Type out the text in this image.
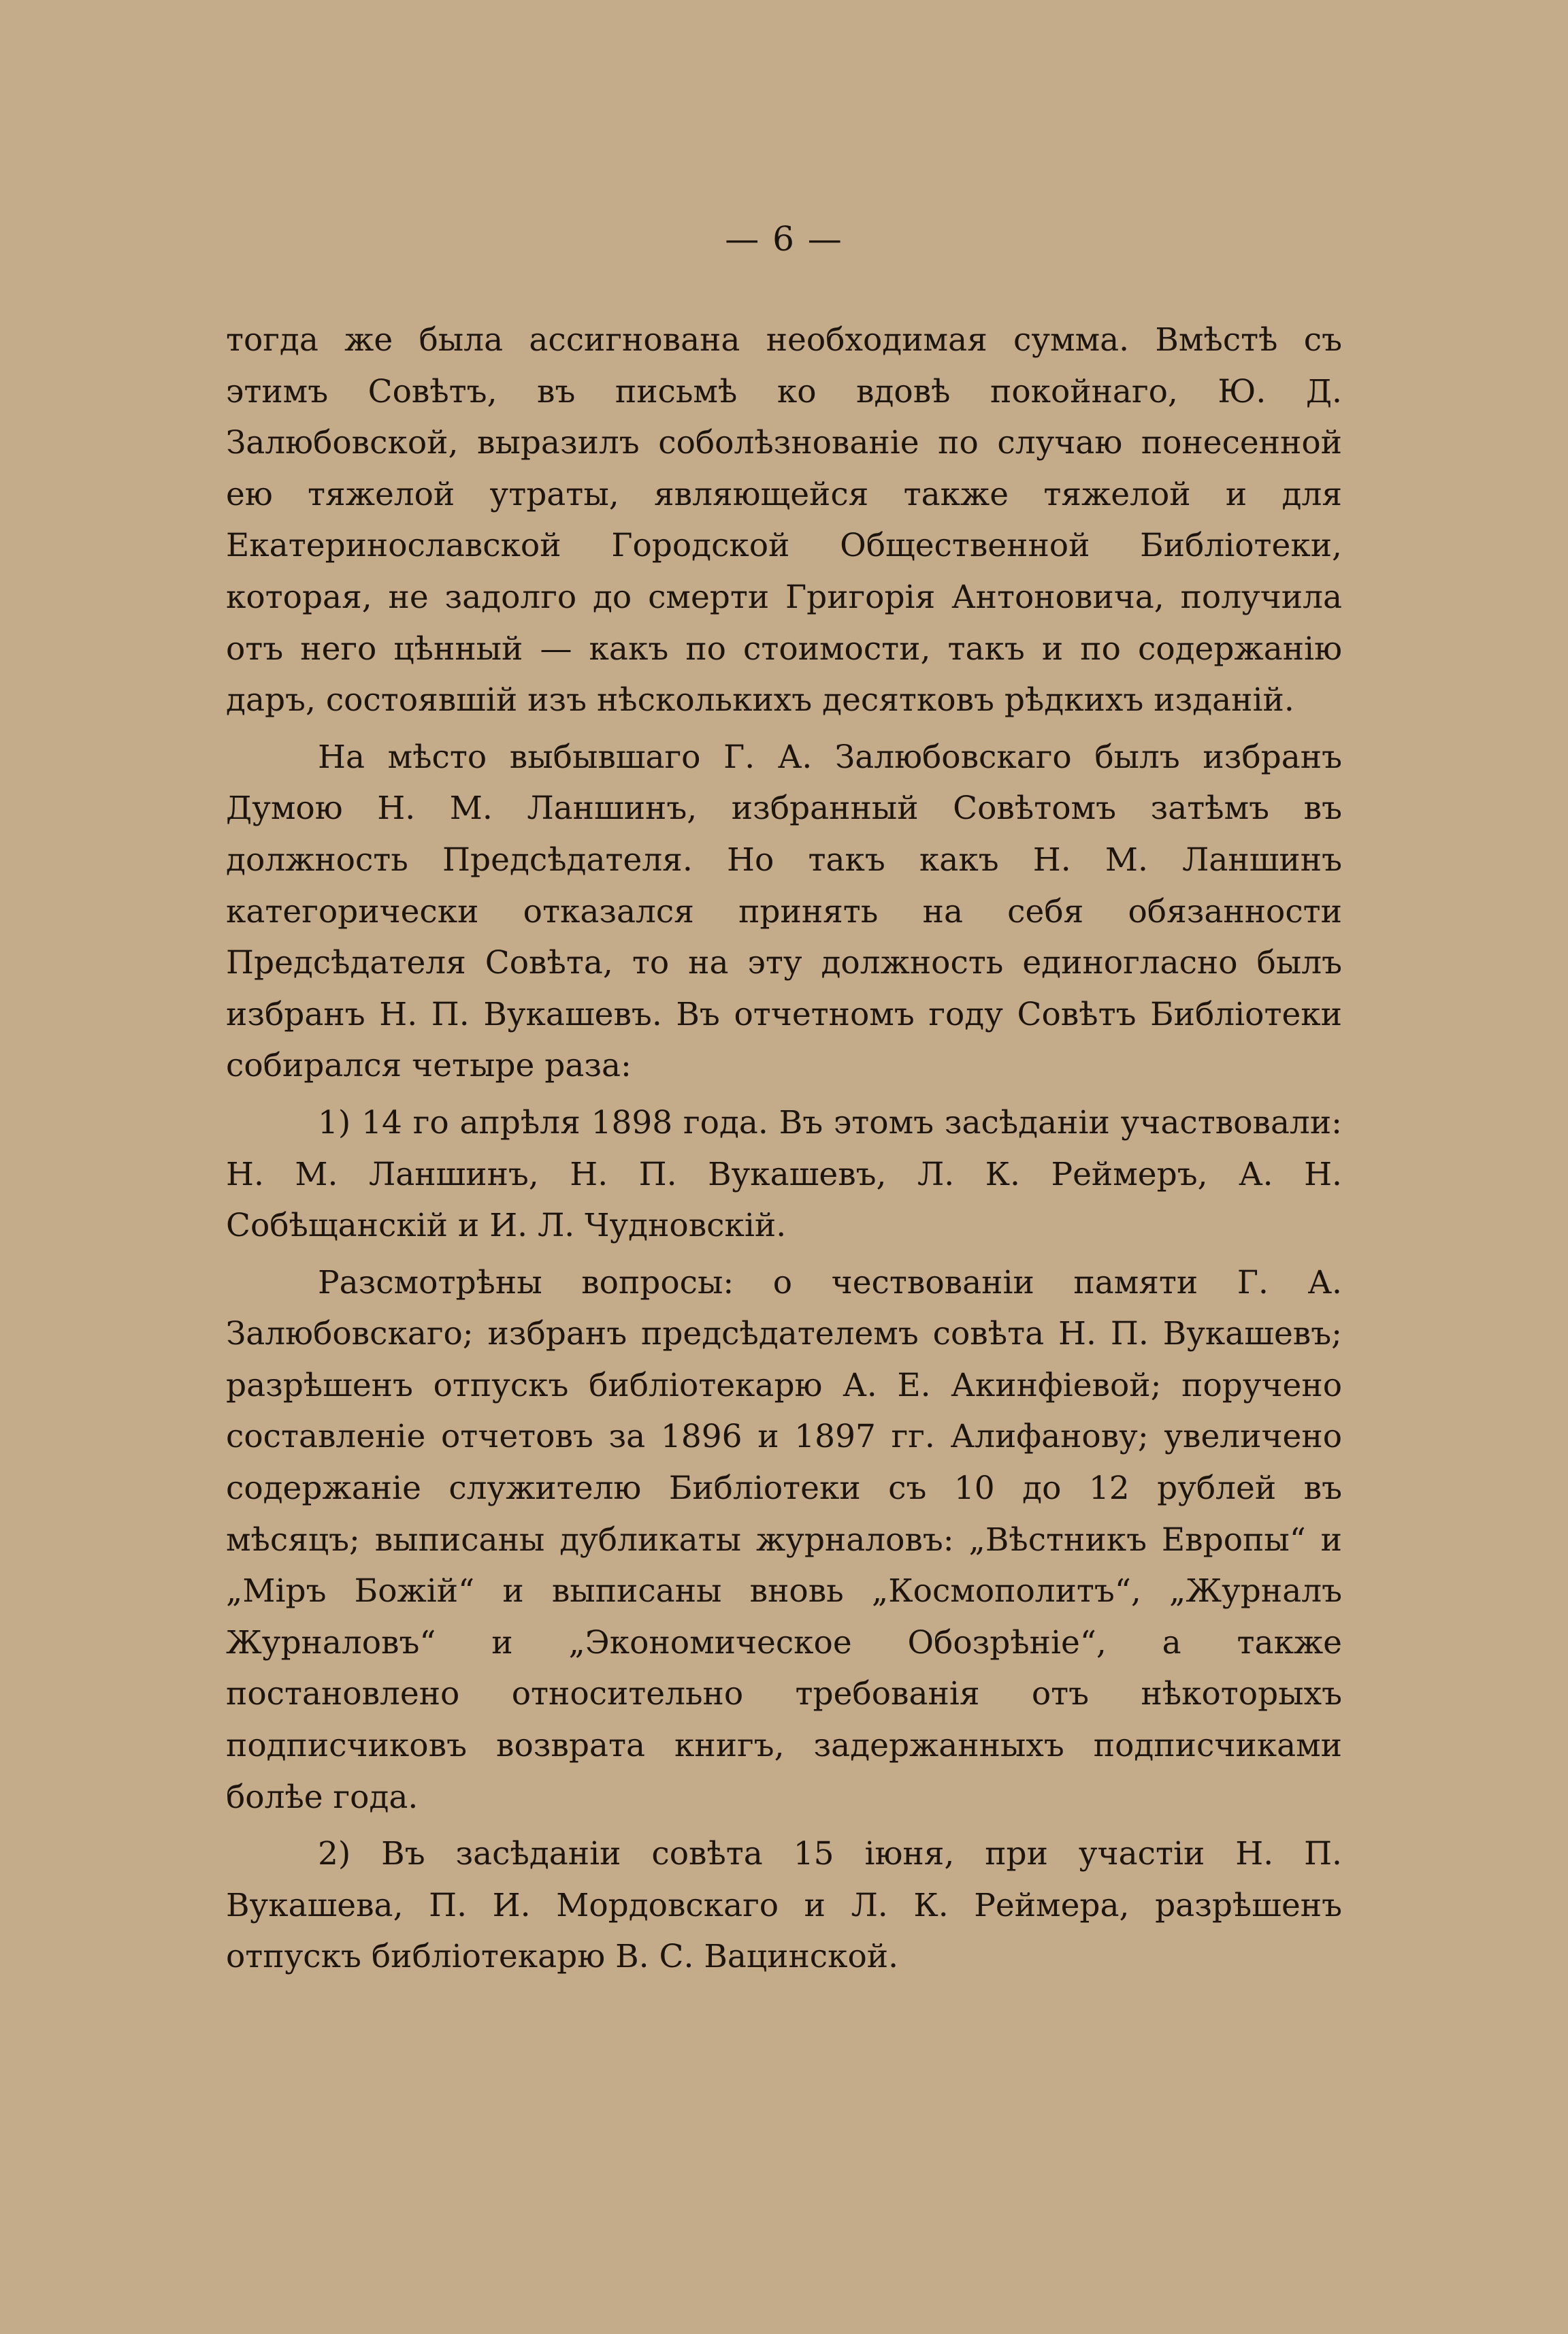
— 6 —

тогда же была ассигнована необходимая сумма. Вмѣстѣ съ этимъ Совѣтъ, въ письмѣ ко вдовѣ покойнаго, Ю. Д. Залюбовской, выразилъ соболѣзнованіе по случаю понесенной ею тяжелой утраты, являющейся также тяжелой и для Екатеринославской Городской Общественной Библіотеки, которая, не задолго до смерти Григорія Антоновича, получила отъ него цѣнный — какъ по стоимости, такъ и по содержанію даръ, состоявшій изъ нѣсколькихъ десятковъ рѣдкихъ изданій.

На мѣсто выбывшаго Г. А. Залюбовскаго былъ избранъ Думою Н. М. Ланшинъ, избранный Совѣтомъ затѣмъ въ должность Предсѣдателя. Но такъ какъ Н. М. Ланшинъ категорически отказался принять на себя обязанности Предсѣдателя Совѣта, то на эту должность единогласно былъ избранъ Н. П. Вукашевъ. Въ отчетномъ году Совѣтъ Библіотеки собирался четыре раза:

1) 14 го апрѣля 1898 года. Въ этомъ засѣданіи участвовали: Н. М. Ланшинъ, Н. П. Вукашевъ, Л. К. Реймеръ, А. Н. Собѣщанскій и И. Л. Чудновскій.

Разсмотрѣны вопросы: о чествованіи памяти Г. А. Залюбовскаго; избранъ предсѣдателемъ совѣта Н. П. Вукашевъ; разрѣшенъ отпускъ библіотекарю А. Е. Акинфіевой; поручено составленіе отчетовъ за 1896 и 1897 гг. Алифанову; увеличено содержаніе служителю Библіотеки съ 10 до 12 рублей въ мѣсяцъ; выписаны дубликаты журналовъ: „Вѣстникъ Европы“ и „Міръ Божій“ и выписаны вновь „Космополитъ“, „Журналъ Журналовъ“ и „Экономическое Обозрѣніе“, а также постановлено относительно требованія отъ нѣкоторыхъ подписчиковъ возврата книгъ, задержанныхъ подписчиками болѣе года.

2) Въ засѣданіи совѣта 15 іюня, при участіи Н. П. Вукашева, П. И. Мордовскаго и Л. К. Реймера, разрѣшенъ отпускъ библіотекарю В. С. Вацинской.
